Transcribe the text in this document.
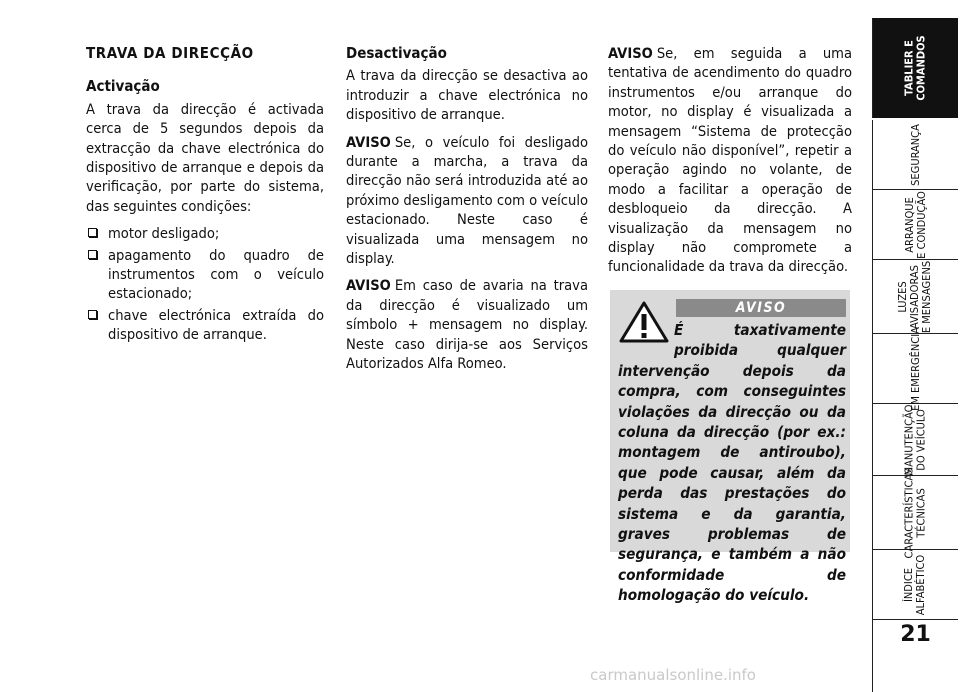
TRAVA DA DIRECÇÃO
Activação

A trava da direcção é activada cerca de 5 segundos depois da extracção da chave electrónica do dispositivo de arranque e depois da verificação, por parte do sistema, das seguintes condições:

motor desligado;
apagamento do quadro de instrumentos com o veículo estacionado;
chave electrónica extraída do dispositivo de arranque.
Desactivação

A trava da direcção se desactiva ao introduzir a chave electrónica no dispositivo de arranque.

AVISO Se, o veículo foi desligado durante a marcha, a trava da direcção não será introduzida até ao próximo desligamento com o veículo estacionado. Neste caso é visualizada uma mensagem no display.

AVISO Em caso de avaria na trava da direcção é visualizado um símbolo + mensagem no display. Neste caso dirija-se aos Serviços Autorizados Alfa Romeo.

AVISO Se, em seguida a uma tentativa de acendimento do quadro instrumentos e/ou arranque do motor, no display é visualizada a mensagem “Sistema de protecção do veículo não disponível”, repetir a operação agindo no volante, de modo a facilitar a operação de desbloqueio da direcção. A visualização da mensagem no display não compromete a funcionalidade da trava da direcção.

AVISO
É taxativamente proibida qualquer intervenção depois da compra, com conseguintes violações da direcção ou da coluna da direcção (por ex.: montagem de antiroubo), que pode causar, além da perda das prestações do sistema e da garantia, graves problemas de segurança, e também a não conformidade de homologação do veículo.
TABLIER E
COMANDOS
SEGURANÇA
ARRANQUE
E CONDUÇÃO
LUZES
AVISADORAS
E MENSAGENS
EM EMERGÊNCIA
MANUTENÇÃO
DO VEÍCULO
CARACTERÍSTICAS
TÉCNICAS
ÍNDICE
ALFABÉTICO
21
carmanualsonline.info
